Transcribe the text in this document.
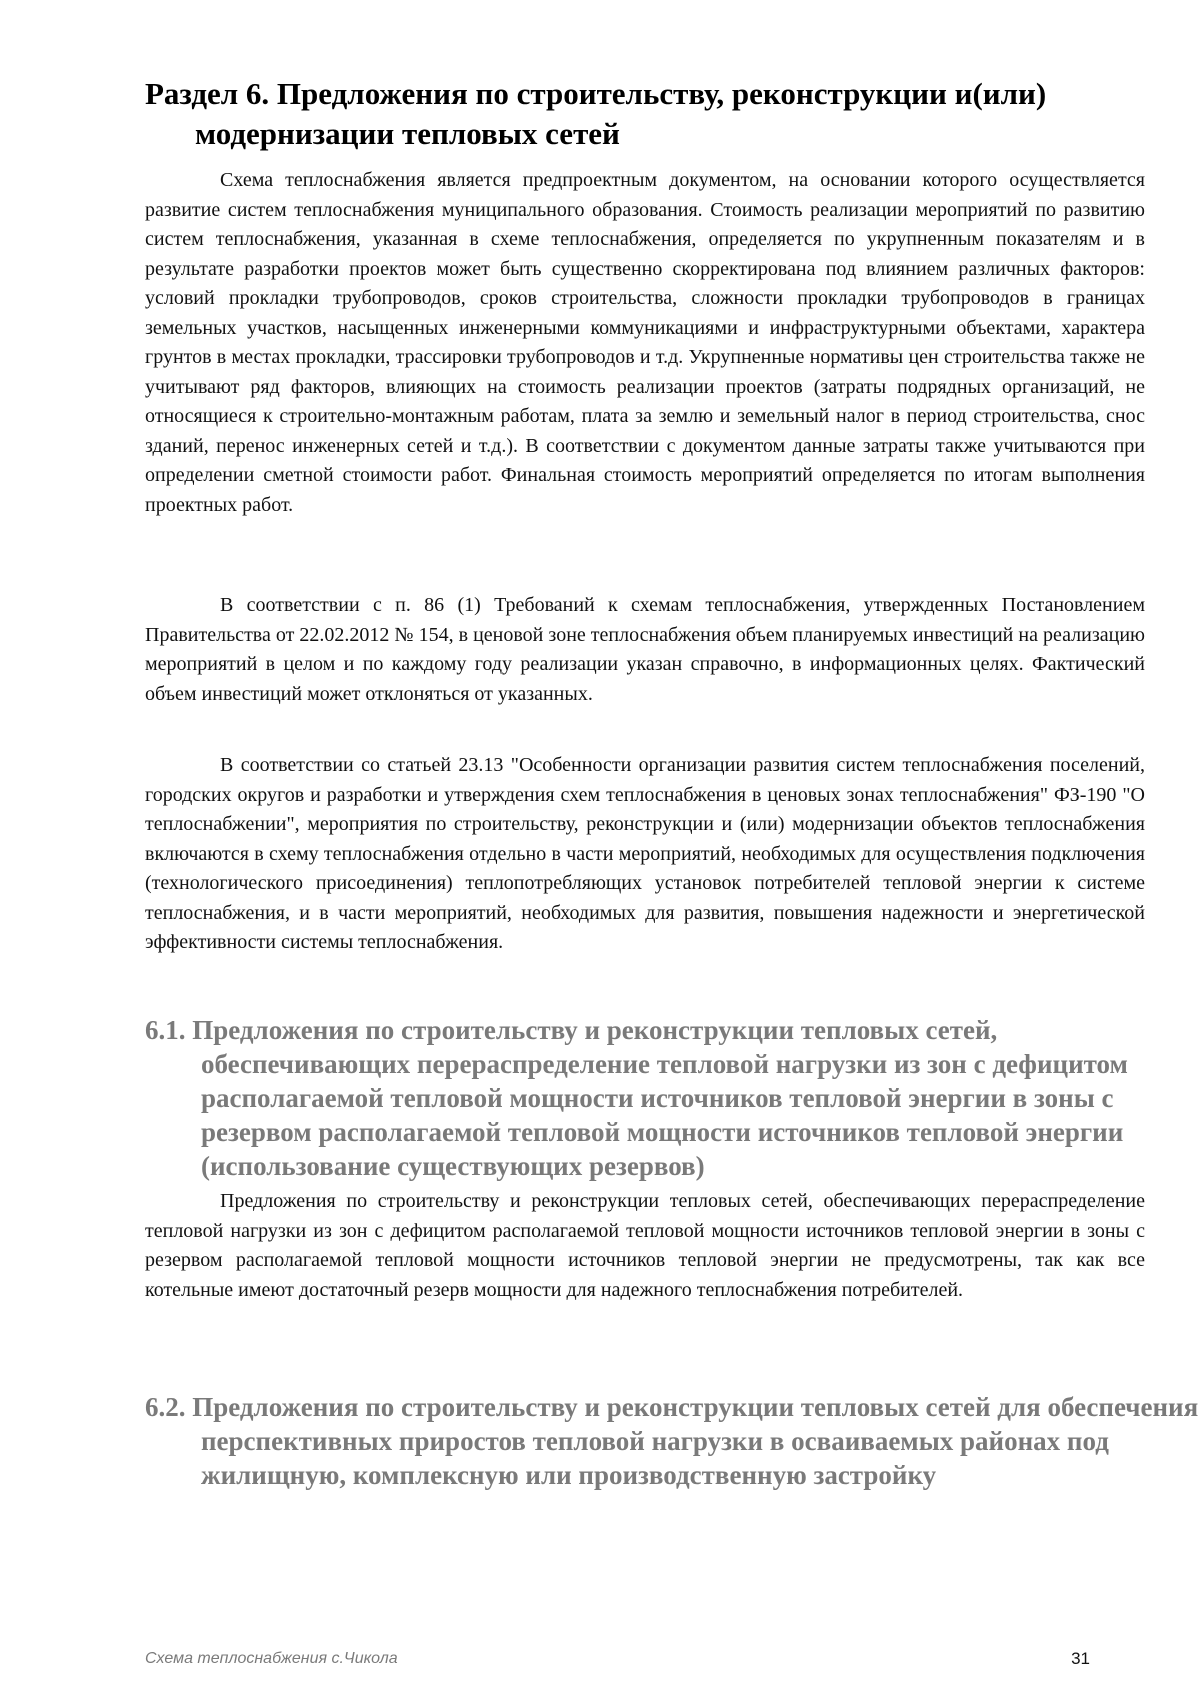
Раздел 6. Предложения по строительству, реконструкции и(или) модернизации тепловых сетей

Схема теплоснабжения является предпроектным документом, на основании которого осуществляется развитие систем теплоснабжения муниципального образования. Стоимость реализации мероприятий по развитию систем теплоснабжения, указанная в схеме теплоснабжения, определяется по укрупненным показателям и в результате разработки проектов может быть существенно скорректирована под влиянием различных факторов: условий прокладки трубопроводов, сроков строительства, сложности прокладки трубопроводов в границах земельных участков, насыщенных инженерными коммуникациями и инфраструктурными объектами, характера грунтов в местах прокладки, трассировки трубопроводов и т.д. Укрупненные нормативы цен строительства также не учитывают ряд факторов, влияющих на стоимость реализации проектов (затраты подрядных организаций, не относящиеся к строительно-монтажным работам, плата за землю и земельный налог в период строительства, снос зданий, перенос инженерных сетей и т.д.). В соответствии с документом данные затраты также учитываются при определении сметной стоимости работ. Финальная стоимость мероприятий определяется по итогам выполнения проектных работ.

В соответствии с п. 86 (1) Требований к схемам теплоснабжения, утвержденных Постановлением Правительства от 22.02.2012 № 154, в ценовой зоне теплоснабжения объем планируемых инвестиций на реализацию мероприятий в целом и по каждому году реализации указан справочно, в информационных целях. Фактический объем инвестиций может отклоняться от указанных.

В соответствии со статьей 23.13 "Особенности организации развития систем теплоснабжения поселений, городских округов и разработки и утверждения схем теплоснабжения в ценовых зонах теплоснабжения" ФЗ-190 "О теплоснабжении", мероприятия по строительству, реконструкции и (или) модернизации объектов теплоснабжения включаются в схему теплоснабжения отдельно в части мероприятий, необходимых для осуществления подключения (технологического присоединения) теплопотребляющих установок потребителей тепловой энергии к системе теплоснабжения, и в части мероприятий, необходимых для развития, повышения надежности и энергетической эффективности системы теплоснабжения.

6.1. Предложения по строительству и реконструкции тепловых сетей, обеспечивающих перераспределение тепловой нагрузки из зон с дефицитом располагаемой тепловой мощности источников тепловой энергии в зоны с резервом располагаемой тепловой мощности источников тепловой энергии (использование существующих резервов)

Предложения по строительству и реконструкции тепловых сетей, обеспечивающих перераспределение тепловой нагрузки из зон с дефицитом располагаемой тепловой мощности источников тепловой энергии в зоны с резервом располагаемой тепловой мощности источников тепловой энергии не предусмотрены, так как все котельные имеют достаточный резерв мощности для надежного теплоснабжения потребителей.

6.2. Предложения по строительству и реконструкции тепловых сетей для обеспечения перспективных приростов тепловой нагрузки в осваиваемых районах под жилищную, комплексную или производственную застройку
Схема теплоснабжения с.Чикола	31
